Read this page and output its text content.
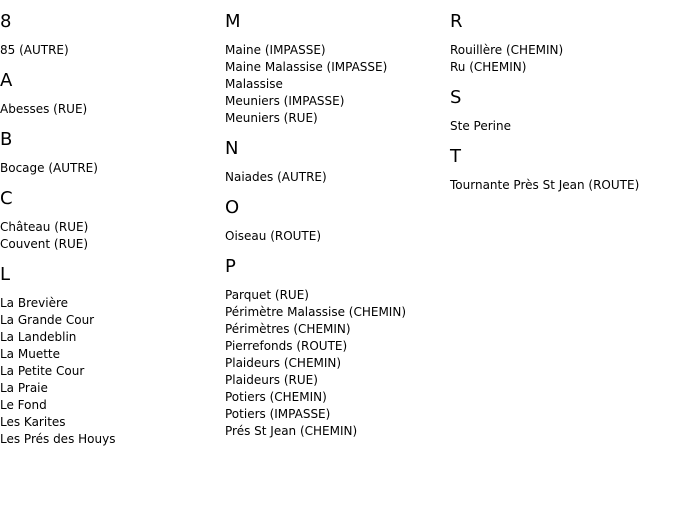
8
85 (AUTRE)
A
Abesses (RUE)
B
Bocage (AUTRE)
C
Château (RUE)
Couvent (RUE)
L
La Brevière
La Grande Cour
La Landeblin
La Muette
La Petite Cour
La Praie
Le Fond
Les Karites
Les Prés des Houys
M
Maine (IMPASSE)
Maine Malassise (IMPASSE)
Malassise
Meuniers (IMPASSE)
Meuniers (RUE)
N
Naiades (AUTRE)
O
Oiseau (ROUTE)
P
Parquet (RUE)
Périmètre Malassise (CHEMIN)
Périmètres (CHEMIN)
Pierrefonds (ROUTE)
Plaideurs (CHEMIN)
Plaideurs (RUE)
Potiers (CHEMIN)
Potiers (IMPASSE)
Prés St Jean (CHEMIN)
R
Rouillère (CHEMIN)
Ru (CHEMIN)
S
Ste Perine
T
Tournante Près St Jean (ROUTE)
